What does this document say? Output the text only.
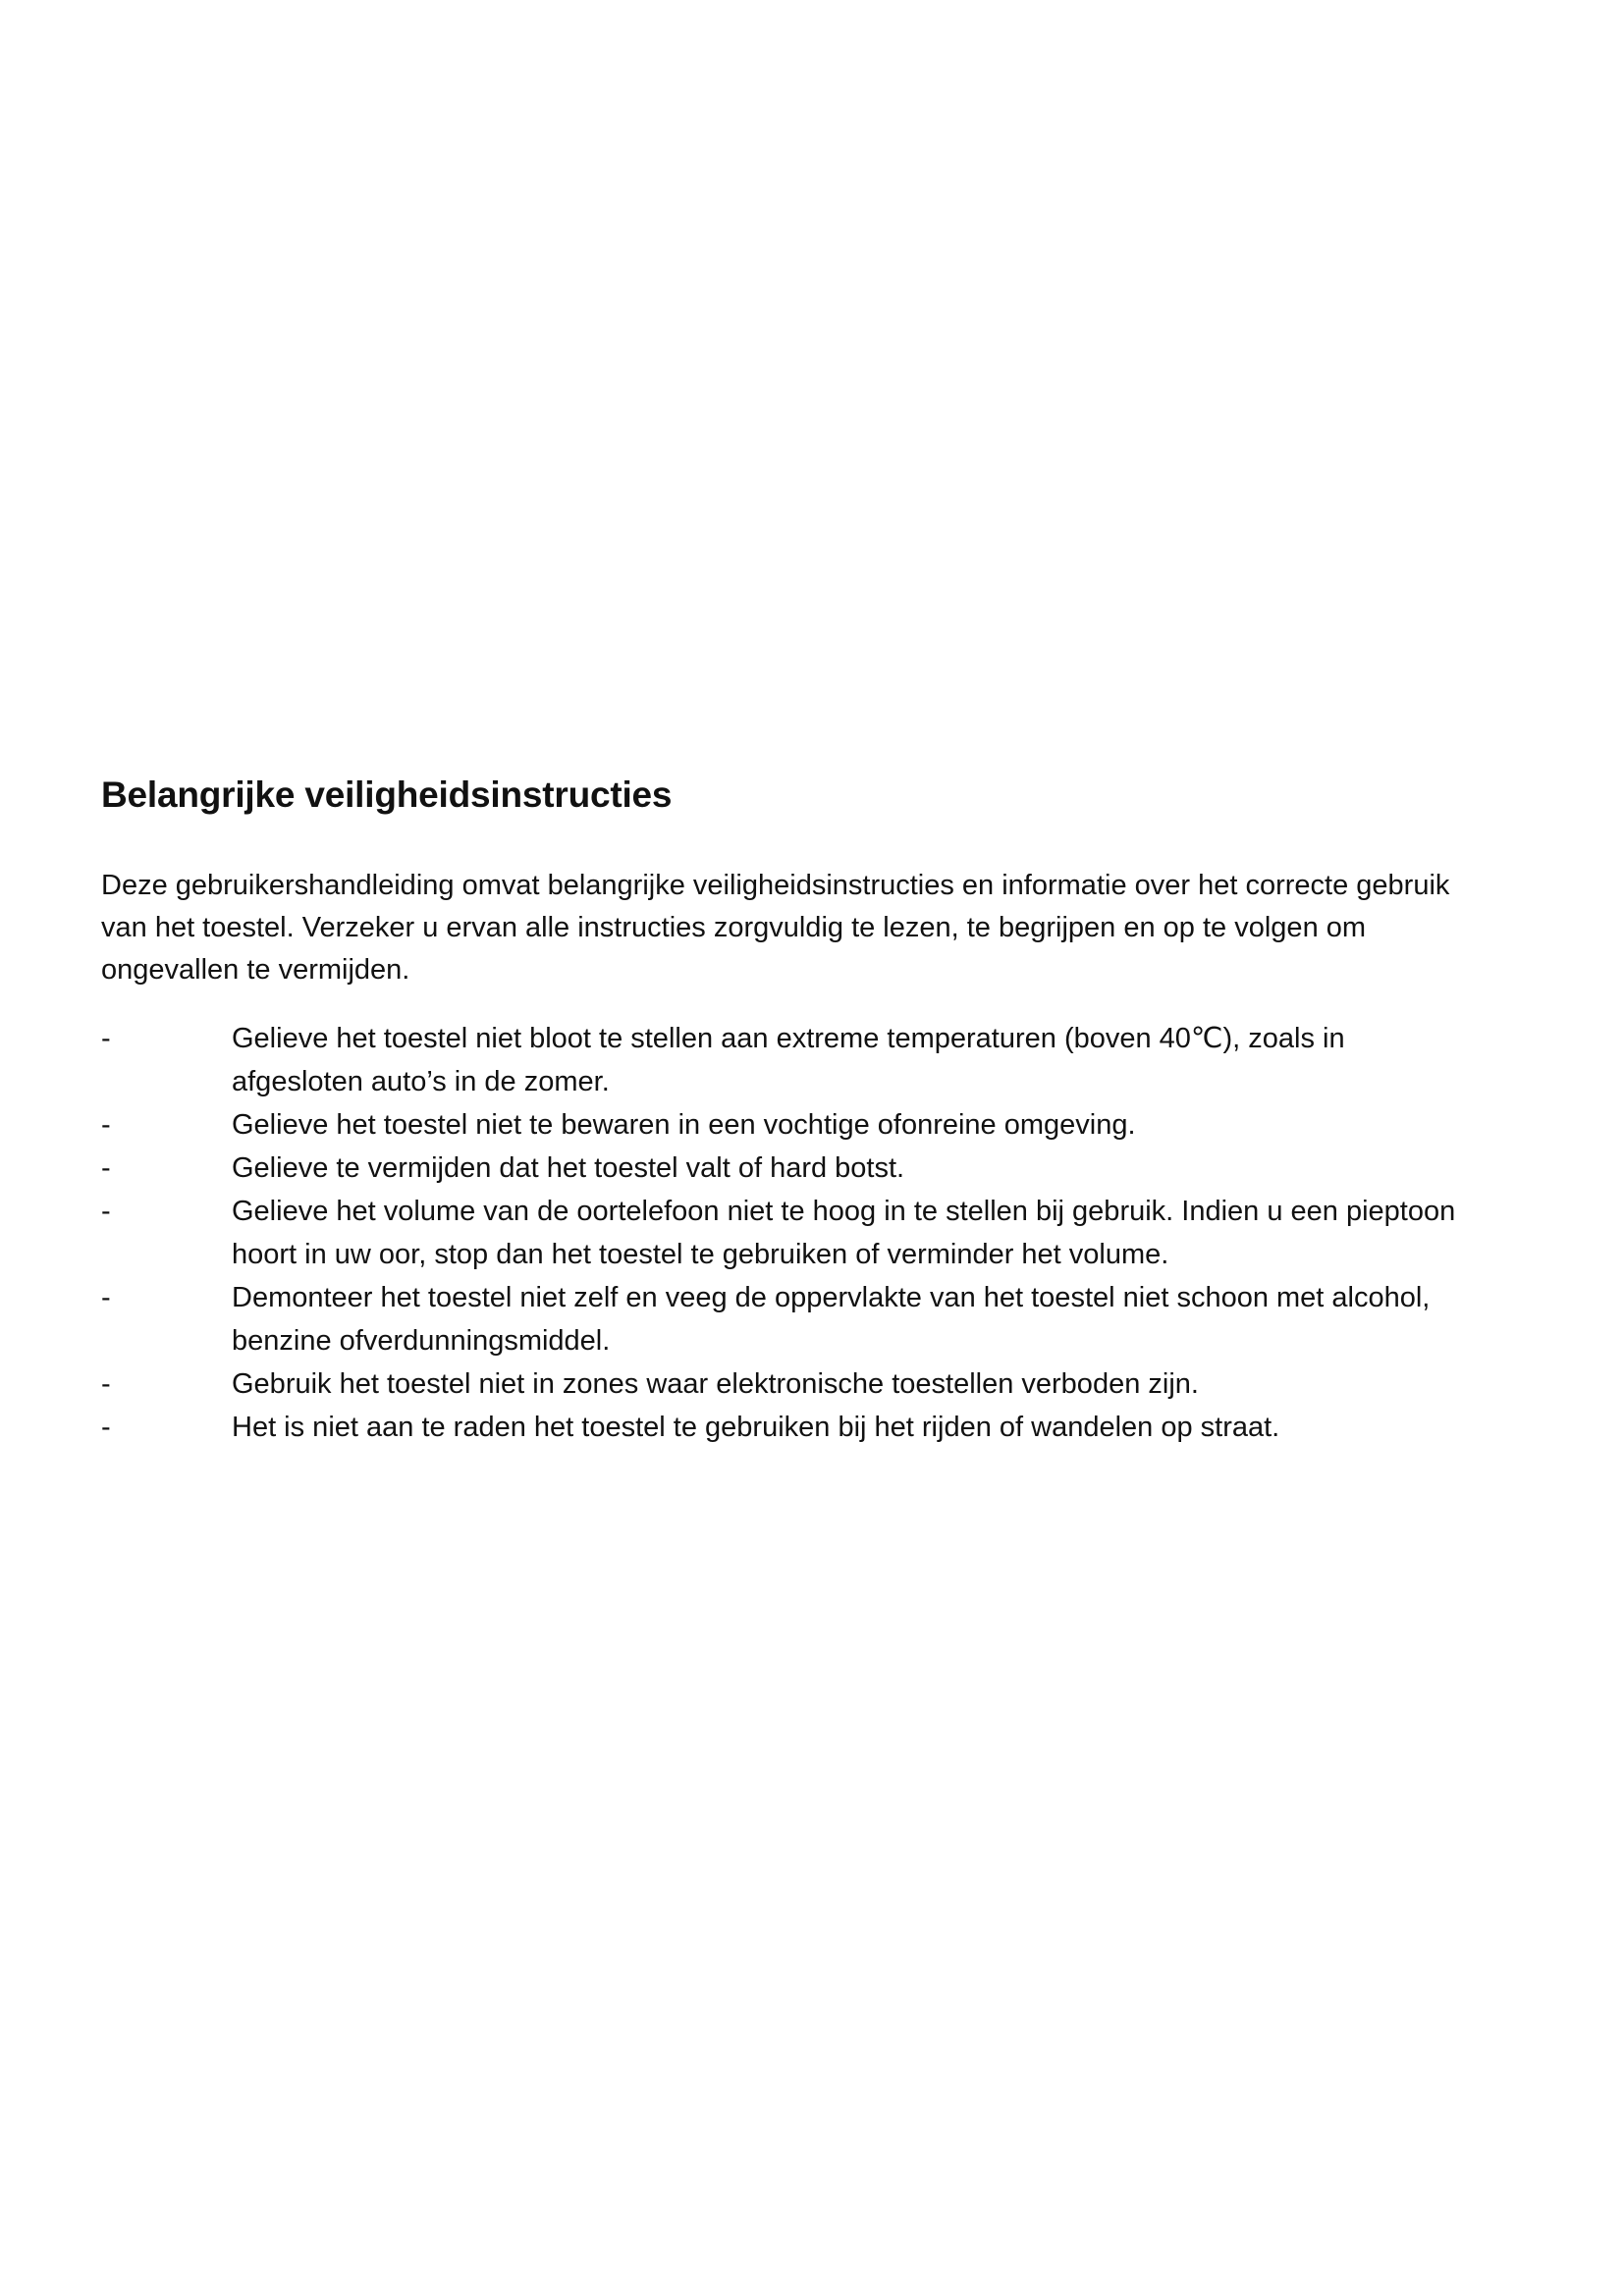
Belangrijke veiligheidsinstructies

Deze gebruikershandleiding omvat belangrijke veiligheidsinstructies en informatie over het correcte gebruik van het toestel. Verzeker u ervan alle instructies zorgvuldig te lezen, te begrijpen en op te volgen om ongevallen te vermijden.

-	Gelieve het toestel niet bloot te stellen aan extreme temperaturen (boven 40℃), zoals in afgesloten auto’s in de zomer.
-	Gelieve het toestel niet te bewaren in een vochtige ofonreine omgeving.
-	Gelieve te vermijden dat het toestel valt of hard botst.
-	Gelieve het volume van de oortelefoon niet te hoog in te stellen bij gebruik. Indien u een pieptoon hoort in uw oor, stop dan het toestel te gebruiken of verminder het volume.
-	Demonteer het toestel niet zelf en veeg de oppervlakte van het toestel niet schoon met alcohol, benzine ofverdunningsmiddel.
-	Gebruik het toestel niet in zones waar elektronische toestellen verboden zijn.
-	Het is niet aan te raden het toestel te gebruiken bij het rijden of wandelen op straat.
